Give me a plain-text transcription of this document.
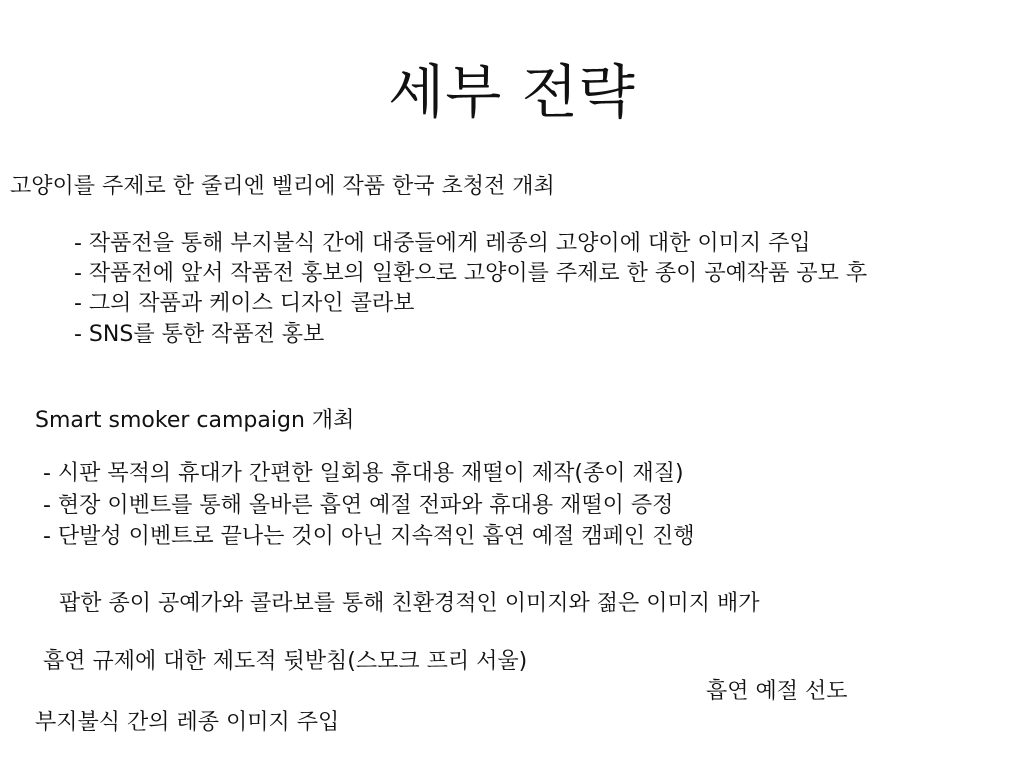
세부 전략
고양이를 주제로 한 줄리엔 벨리에 작품 한국 초청전 개최
- 작품전을 통해 부지불식 간에 대중들에게 레종의 고양이에 대한 이미지 주입
- 작품전에 앞서 작품전 홍보의 일환으로 고양이를 주제로 한 종이 공예작품 공모 후
- 그의 작품과 케이스 디자인 콜라보
- SNS를 통한 작품전 홍보
Smart smoker campaign 개최
- 시판 목적의 휴대가 간편한 일회용 휴대용 재떨이 제작(종이 재질)
- 현장 이벤트를 통해 올바른 흡연 예절 전파와 휴대용 재떨이 증정
- 단발성 이벤트로 끝나는 것이 아닌 지속적인 흡연 예절 캠페인 진행
팝한 종이 공예가와 콜라보를 통해 친환경적인 이미지와 젊은 이미지 배가
흡연 규제에 대한 제도적 뒷받침(스모크 프리 서울)
흡연 예절 선도
부지불식 간의 레종 이미지 주입
